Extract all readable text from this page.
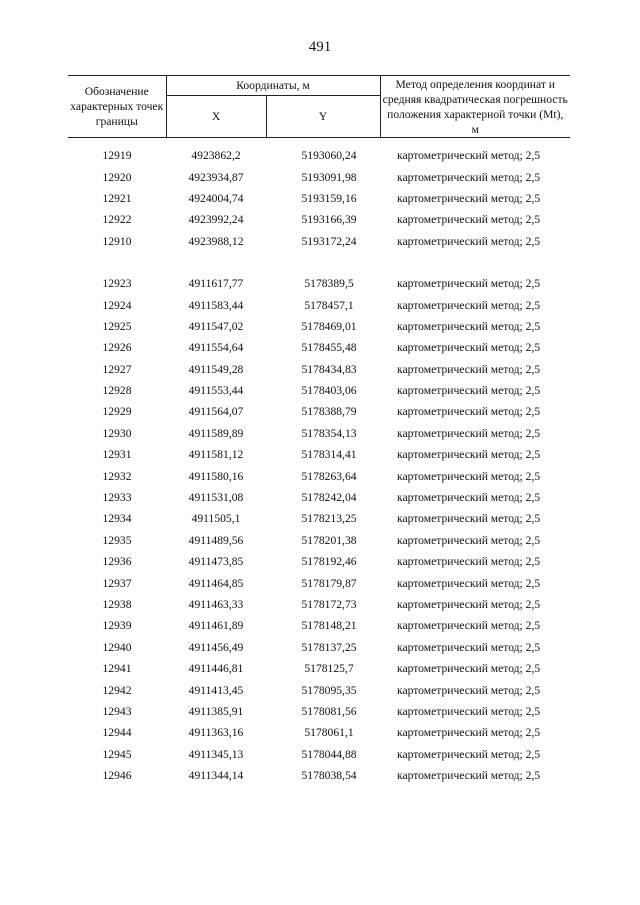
491
Обозначение характерных точек границы	Координаты, м		Метод определения координат и средняя квадратическая погрешность положения характерной точки (Mt), м
	X	Y	

12919	4923862,2	5193060,24	картометрический метод; 2,5
12920	4923934,87	5193091,98	картометрический метод; 2,5
12921	4924004,74	5193159,16	картометрический метод; 2,5
12922	4923992,24	5193166,39	картометрический метод; 2,5
12910	4923988,12	5193172,24	картометрический метод; 2,5

12923	4911617,77	5178389,5	картометрический метод; 2,5
12924	4911583,44	5178457,1	картометрический метод; 2,5
12925	4911547,02	5178469,01	картометрический метод; 2,5
12926	4911554,64	5178455,48	картометрический метод; 2,5
12927	4911549,28	5178434,83	картометрический метод; 2,5
12928	4911553,44	5178403,06	картометрический метод; 2,5
12929	4911564,07	5178388,79	картометрический метод; 2,5
12930	4911589,89	5178354,13	картометрический метод; 2,5
12931	4911581,12	5178314,41	картометрический метод; 2,5
12932	4911580,16	5178263,64	картометрический метод; 2,5
12933	4911531,08	5178242,04	картометрический метод; 2,5
12934	4911505,1	5178213,25	картометрический метод; 2,5
12935	4911489,56	5178201,38	картометрический метод; 2,5
12936	4911473,85	5178192,46	картометрический метод; 2,5
12937	4911464,85	5178179,87	картометрический метод; 2,5
12938	4911463,33	5178172,73	картометрический метод; 2,5
12939	4911461,89	5178148,21	картометрический метод; 2,5
12940	4911456,49	5178137,25	картометрический метод; 2,5
12941	4911446,81	5178125,7	картометрический метод; 2,5
12942	4911413,45	5178095,35	картометрический метод; 2,5
12943	4911385,91	5178081,56	картометрический метод; 2,5
12944	4911363,16	5178061,1	картометрический метод; 2,5
12945	4911345,13	5178044,88	картометрический метод; 2,5
12946	4911344,14	5178038,54	картометрический метод; 2,5
